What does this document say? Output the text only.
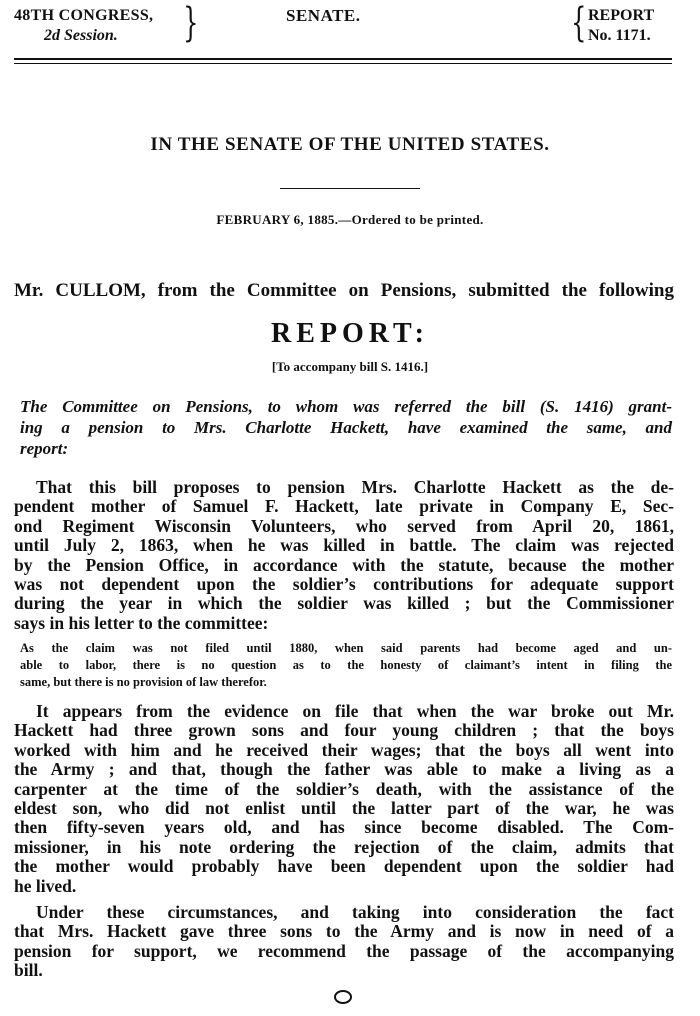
48TH CONGRESS,
2d Session.	}	SENATE.	{ REPORT
No. 1171.
IN THE SENATE OF THE UNITED STATES.
FEBRUARY 6, 1885.—Ordered to be printed.
Mr. CULLOM, from the Committee on Pensions, submitted the following
REPORT:
[To accompany bill S. 1416.]
The Committee on Pensions, to whom was referred the bill (S. 1416) grant-
ing a pension to Mrs. Charlotte Hackett, have examined the same, and
report:
That this bill proposes to pension Mrs. Charlotte Hackett as the de-
pendent mother of Samuel F. Hackett, late private in Company E, Sec-
ond Regiment Wisconsin Volunteers, who served from April 20, 1861,
until July 2, 1863, when he was killed in battle. The claim was rejected
by the Pension Office, in accordance with the statute, because the mother
was not dependent upon the soldier’s contributions for adequate support
during the year in which the soldier was killed ; but the Commissioner
says in his letter to the committee:
As the claim was not filed until 1880, when said parents had become aged and un-
able to labor, there is no question as to the honesty of claimant’s intent in filing the
same, but there is no provision of law therefor.
It appears from the evidence on file that when the war broke out Mr.
Hackett had three grown sons and four young children ; that the boys
worked with him and he received their wages; that the boys all went into
the Army ; and that, though the father was able to make a living as a
carpenter at the time of the soldier’s death, with the assistance of the
eldest son, who did not enlist until the latter part of the war, he was
then fifty-seven years old, and has since become disabled. The Com-
missioner, in his note ordering the rejection of the claim, admits that
the mother would probably have been dependent upon the soldier had
he lived.
Under these circumstances, and taking into consideration the fact
that Mrs. Hackett gave three sons to the Army and is now in need of a
pension for support, we recommend the passage of the accompanying
bill.
